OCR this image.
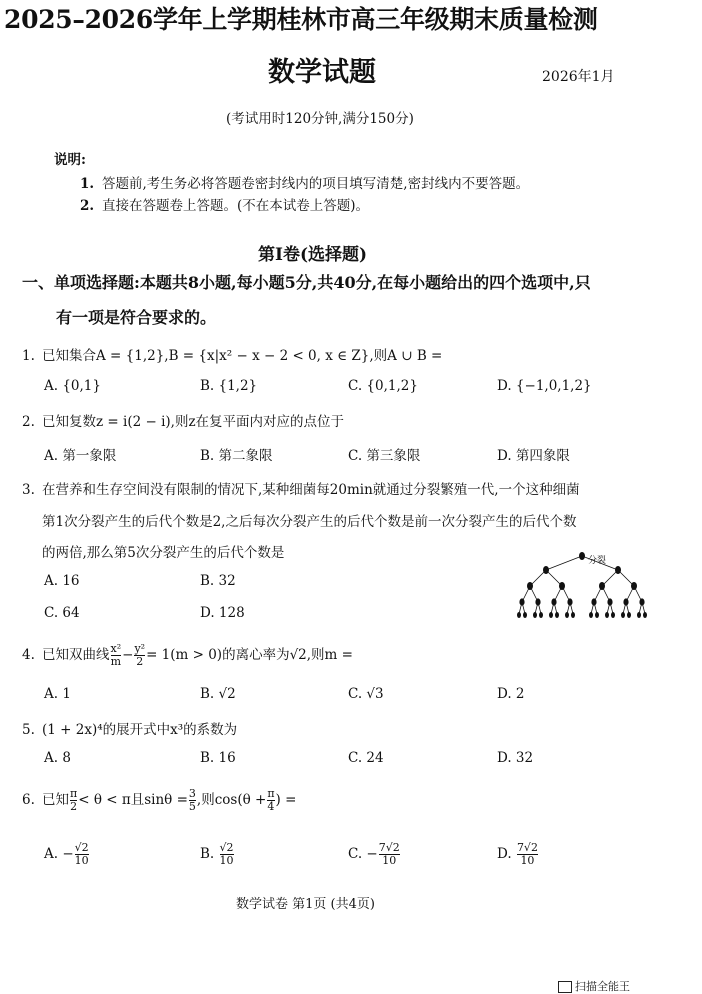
2025–2026学年上学期桂林市高三年级期末质量检测
数学试题	2026年1月
(考试用时120分钟,满分150分)
说明:
1. 答题前,考生务必将答题卷密封线内的项目填写清楚,密封线内不要答题。
2. 直接在答题卷上答题。(不在本试卷上答题)。
第Ⅰ卷(选择题)
一、单项选择题:本题共8小题,每小题5分,共40分,在每小题给出的四个选项中,只
有一项是符合要求的。
1. 已知集合A = {1,2},B = {x|x² − x − 2 < 0, x ∈ Z},则A ∪ B =
A. {0,1}	B. {1,2}	C. {0,1,2}	D. {−1,0,1,2}
2. 已知复数z = i(2 − i),则z在复平面内对应的点位于
A. 第一象限	B. 第二象限	C. 第三象限	D. 第四象限
3. 在营养和生存空间没有限制的情况下,某种细菌每20min就通过分裂繁殖一代,一个这种细菌
第1次分裂产生的后代个数是2,之后每次分裂产生的后代个数是前一次分裂产生的后代个数
的两倍,那么第5次分裂产生的后代个数是
A. 16	B. 32
C. 64	D. 128
分裂
4. 已知双曲线 $\frac{\text{x²}}{m} - \frac{\text{y²}}{2} = 1(m > 0)$的离心率为√2,则m =
A. 1	B. √2	C. √3	D. 2
5. (1 + 2x)⁴的展开式中x³的系数为
A. 8	B. 16	C. 24	D. 32
6. 已知 $\frac{\pi}{2} < \theta < \pi$且$\sin\theta = \frac{3}{5}$ ,则$\cos(\theta + \frac{\pi}{4}$ ) =
A. − $\frac{√2}{10}$	B. $\frac{√2}{10}$	C. − $\frac{7√2}{10}$	D. $\frac{7√2}{10}$
数学试卷 第1页 (共4页)
扫描全能王
